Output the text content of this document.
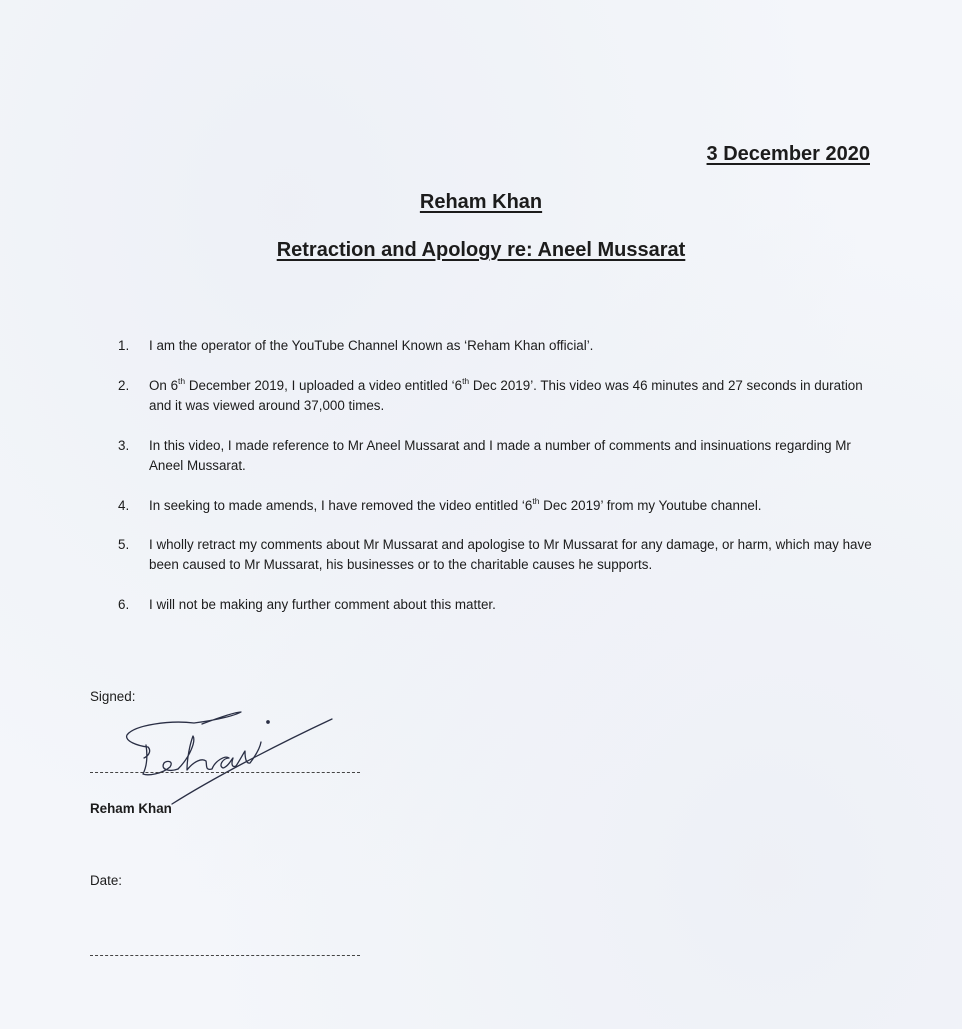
3 December 2020
Reham Khan
Retraction and Apology re: Aneel Mussarat
1.	I am the operator of the YouTube Channel Known as ‘Reham Khan official’.
2.	On 6th December 2019, I uploaded a video entitled ‘6th Dec 2019’. This video was 46 minutes and 27 seconds in duration and it was viewed around 37,000 times.
3.	In this video, I made reference to Mr Aneel Mussarat and I made a number of comments and insinuations regarding Mr Aneel Mussarat.
4.	In seeking to made amends, I have removed the video entitled ‘6th Dec 2019’ from my Youtube channel.
5.	I wholly retract my comments about Mr Mussarat and apologise to Mr Mussarat for any damage, or harm, which may have been caused to Mr Mussarat, his businesses or to the charitable causes he supports.
6.	I will not be making any further comment about this matter.
Signed:
Reham Khan
Date:
